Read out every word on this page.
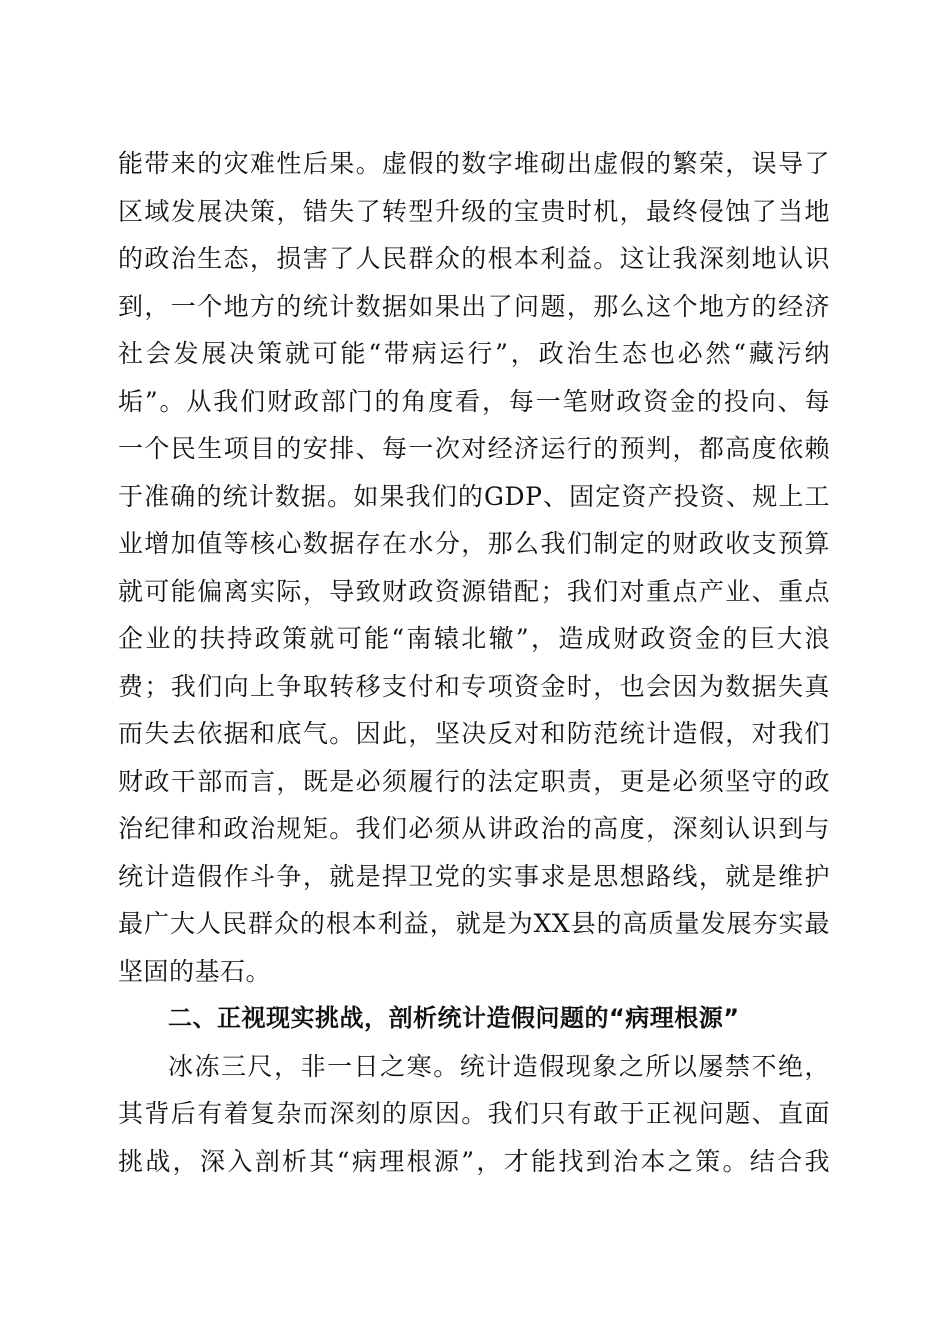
能带来的灾难性后果。虚假的数字堆砌出虚假的繁荣，误导了
区域发展决策，错失了转型升级的宝贵时机，最终侵蚀了当地
的政治生态，损害了人民群众的根本利益。这让我深刻地认识
到，一个地方的统计数据如果出了问题，那么这个地方的经济
社会发展决策就可能“带病运行”，政治生态也必然“藏污纳
垢”。从我们财政部门的角度看，每一笔财政资金的投向、每
一个民生项目的安排、每一次对经济运行的预判，都高度依赖
于准确的统计数据。如果我们的GDP、固定资产投资、规上工
业增加值等核心数据存在水分，那么我们制定的财政收支预算
就可能偏离实际，导致财政资源错配；我们对重点产业、重点
企业的扶持政策就可能“南辕北辙”，造成财政资金的巨大浪
费；我们向上争取转移支付和专项资金时，也会因为数据失真
而失去依据和底气。因此，坚决反对和防范统计造假，对我们
财政干部而言，既是必须履行的法定职责，更是必须坚守的政
治纪律和政治规矩。我们必须从讲政治的高度，深刻认识到与
统计造假作斗争，就是捍卫党的实事求是思想路线，就是维护
最广大人民群众的根本利益，就是为XX县的高质量发展夯实最
坚固的基石。
二、正视现实挑战，剖析统计造假问题的“病理根源”
冰冻三尺，非一日之寒。统计造假现象之所以屡禁不绝，
其背后有着复杂而深刻的原因。我们只有敢于正视问题、直面
挑战，深入剖析其“病理根源”，才能找到治本之策。结合我
